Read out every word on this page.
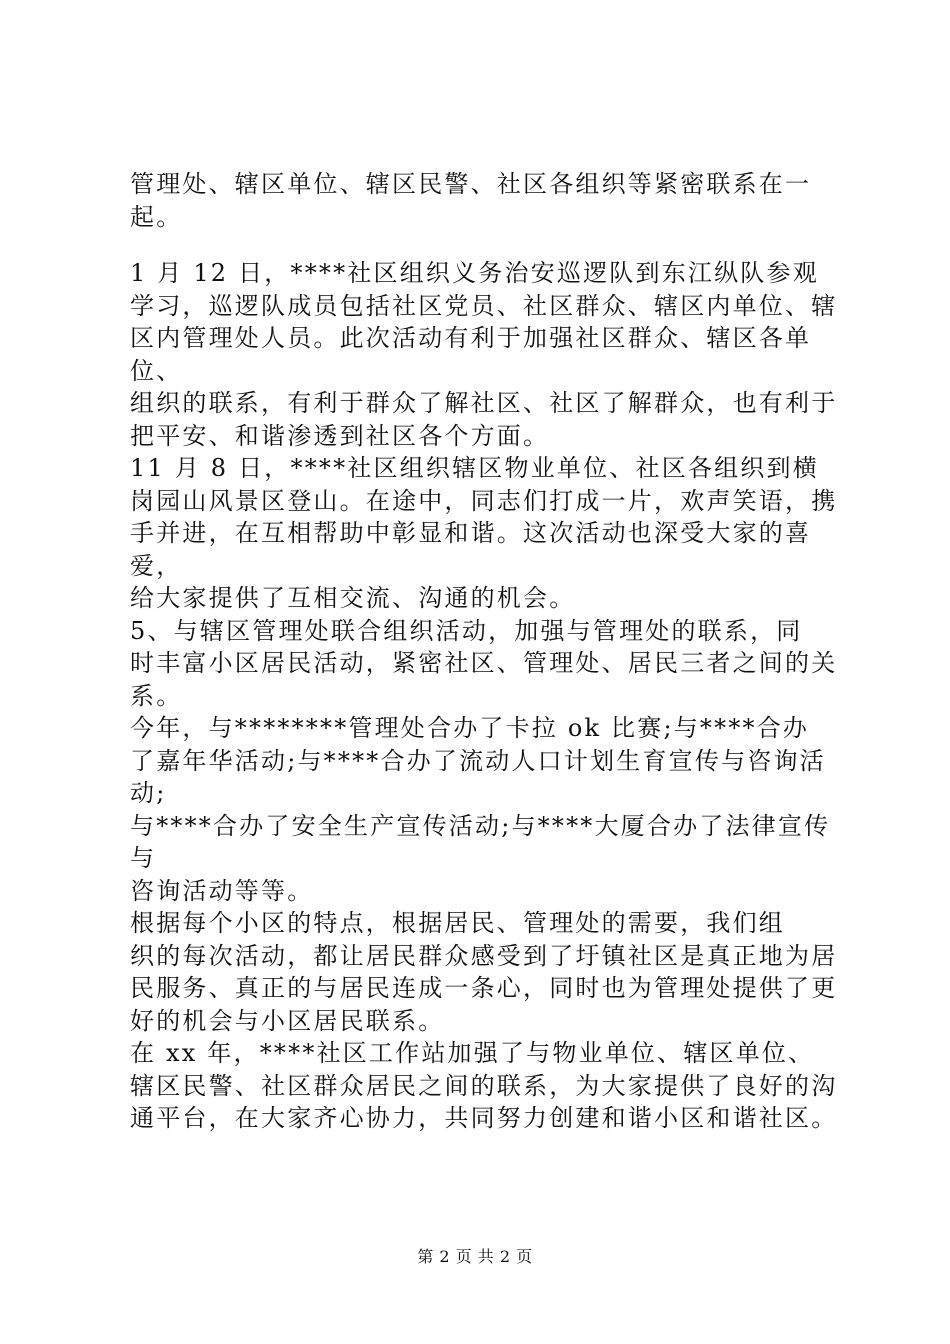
管理处、辖区单位、辖区民警、社区各组织等紧密联系在一起。

1 月 12 日，****社区组织义务治安巡逻队到东江纵队参观
学习，巡逻队成员包括社区党员、社区群众、辖区内单位、辖
区内管理处人员。此次活动有利于加强社区群众、辖区各单位、
组织的联系，有利于群众了解社区、社区了解群众，也有利于
把平安、和谐渗透到社区各个方面。

11 月 8 日，****社区组织辖区物业单位、社区各组织到横
岗园山风景区登山。在途中，同志们打成一片，欢声笑语，携
手并进，在互相帮助中彰显和谐。这次活动也深受大家的喜爱，
给大家提供了互相交流、沟通的机会。

5、与辖区管理处联合组织活动，加强与管理处的联系，同
时丰富小区居民活动，紧密社区、管理处、居民三者之间的关
系。

今年，与********管理处合办了卡拉 ok 比赛;与****合办
了嘉年华活动;与****合办了流动人口计划生育宣传与咨询活动;
与****合办了安全生产宣传活动;与****大厦合办了法律宣传与
咨询活动等等。

根据每个小区的特点，根据居民、管理处的需要，我们组
织的每次活动，都让居民群众感受到了圩镇社区是真正地为居
民服务、真正的与居民连成一条心，同时也为管理处提供了更
好的机会与小区居民联系。

在 xx 年，****社区工作站加强了与物业单位、辖区单位、
辖区民警、社区群众居民之间的联系，为大家提供了良好的沟
通平台，在大家齐心协力，共同努力创建和谐小区和谐社区。

第 2 页 共 2 页
